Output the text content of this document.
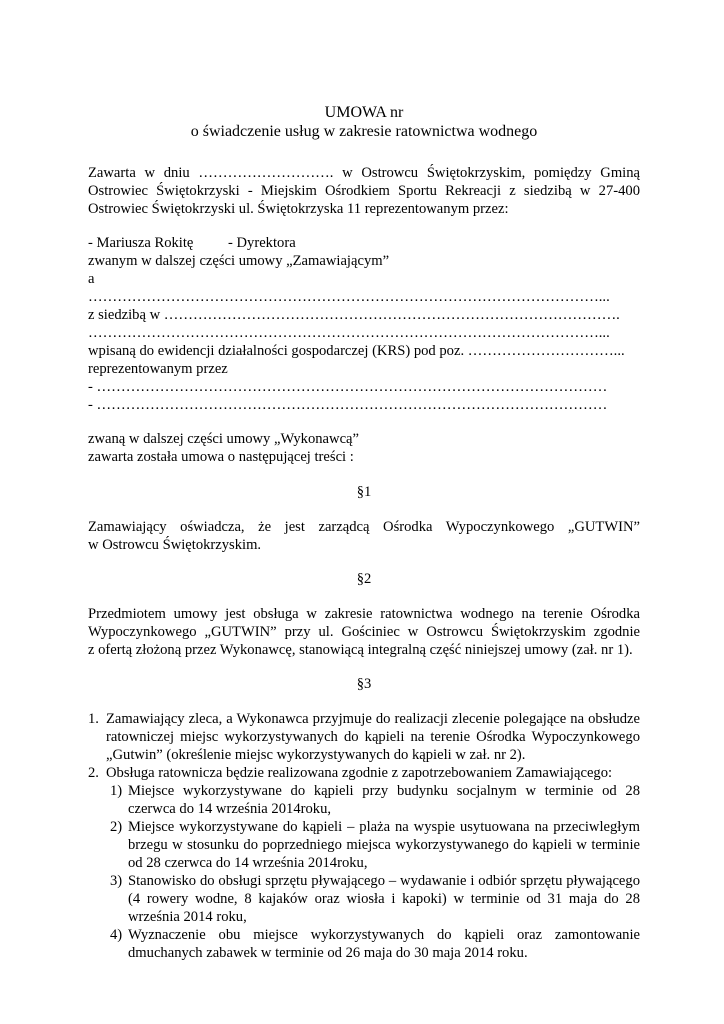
UMOWA nr
o świadczenie usług w zakresie ratownictwa wodnego
Zawarta w dniu ………………………. w Ostrowcu Świętokrzyskim, pomiędzy Gminą
Ostrowiec Świętokrzyski - Miejskim Ośrodkiem Sportu Rekreacji z siedzibą w 27-400
Ostrowiec Świętokrzyski ul. Świętokrzyska 11 reprezentowanym przez:
- Mariusza Rokitę - Dyrektora
zwanym w dalszej części umowy „Zamawiającym”
a
……………………………………………………………………………………………...
z siedzibą w ………………………………………………………………………………….
……………………………………………………………………………………………...
wpisaną do ewidencji działalności gospodarczej (KRS) pod poz. …………………………...
reprezentowanym przez
- ……………………………………………………………………………………………
- ……………………………………………………………………………………………
zwaną w dalszej części umowy „Wykonawcą”
zawarta została umowa o następującej treści :
§1
Zamawiający oświadcza, że jest zarządcą Ośrodka Wypoczynkowego „GUTWIN”
w Ostrowcu Świętokrzyskim.
§2
Przedmiotem umowy jest obsługa w zakresie ratownictwa wodnego na terenie Ośrodka
Wypoczynkowego „GUTWIN” przy ul. Gościniec w Ostrowcu Świętokrzyskim zgodnie
z ofertą złożoną przez Wykonawcę, stanowiącą integralną część niniejszej umowy (zał. nr 1).
§3
1. Zamawiający zleca, a Wykonawca przyjmuje do realizacji zlecenie polegające na obsłudze
ratowniczej miejsc wykorzystywanych do kąpieli na terenie Ośrodka Wypoczynkowego
„Gutwin” (określenie miejsc wykorzystywanych do kąpieli w zał. nr 2).
2. Obsługa ratownicza będzie realizowana zgodnie z zapotrzebowaniem Zamawiającego:
1) Miejsce wykorzystywane do kąpieli przy budynku socjalnym w terminie od 28
czerwca do 14 września 2014roku,
2) Miejsce wykorzystywane do kąpieli – plaża na wyspie usytuowana na przeciwległym
brzegu w stosunku do poprzedniego miejsca wykorzystywanego do kąpieli w terminie
od 28 czerwca do 14 września 2014roku,
3) Stanowisko do obsługi sprzętu pływającego – wydawanie i odbiór sprzętu pływającego
(4 rowery wodne, 8 kajaków oraz wiosła i kapoki) w terminie od 31 maja do 28
września 2014 roku,
4) Wyznaczenie obu miejsce wykorzystywanych do kąpieli oraz zamontowanie
dmuchanych zabawek w terminie od 26 maja do 30 maja 2014 roku.
